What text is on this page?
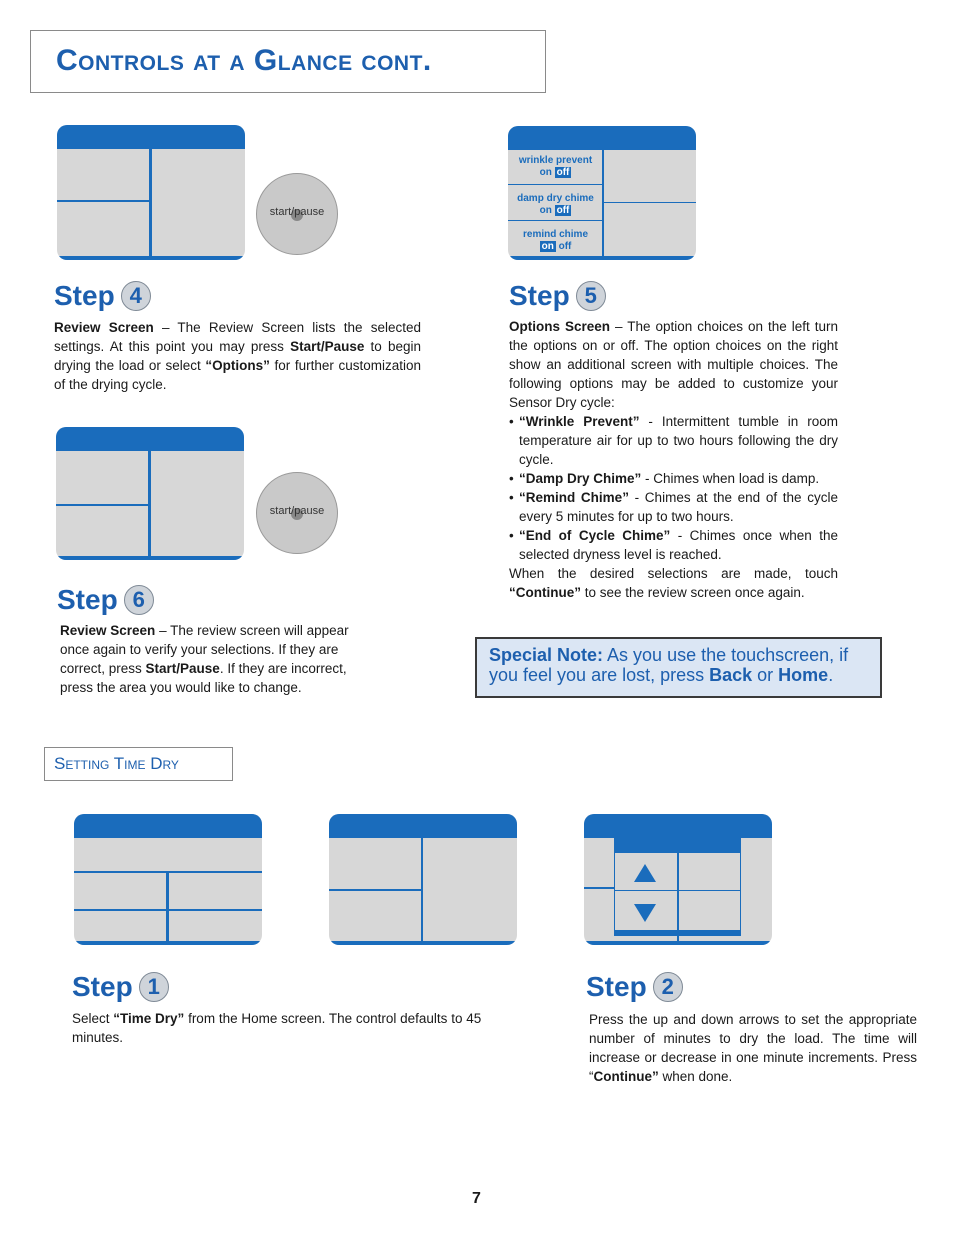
Controls at a Glance cont.
start/pause
Step 4
Review Screen – The Review Screen lists the selected settings. At this point you may press Start/Pause to begin drying the load or select “Options” for further customization of the drying cycle.
wrinkle prevent
on off
damp dry chime
on off
remind chime
on off
Step 5
Options Screen – The option choices on the left turn the options on or off. The option choices on the right show an additional screen with multiple choices. The following options may be added to customize your Sensor Dry cycle:
• “Wrinkle Prevent” - Intermittent tumble in room temperature air for up to two hours following the dry cycle.
• “Damp Dry Chime” - Chimes when load is damp.
• “Remind Chime” - Chimes at the end of the cycle every 5 minutes for up to two hours.
• “End of Cycle Chime” - Chimes once when the selected dryness level is reached.
When the desired selections are made, touch “Continue” to see the review screen once again.
start/pause
Step 6
Review Screen – The review screen will appear once again to verify your selections. If they are correct, press Start/Pause. If they are incorrect, press the area you would like to change.
Special Note: As you use the touchscreen, if you feel you are lost, press Back or Home.
Setting Time Dry
Step 1
Select “Time Dry” from the Home screen. The control defaults to 45 minutes.
Step 2
Press the up and down arrows to set the appropriate number of minutes to dry the load. The time will increase or decrease in one minute increments. Press “Continue” when done.
7
